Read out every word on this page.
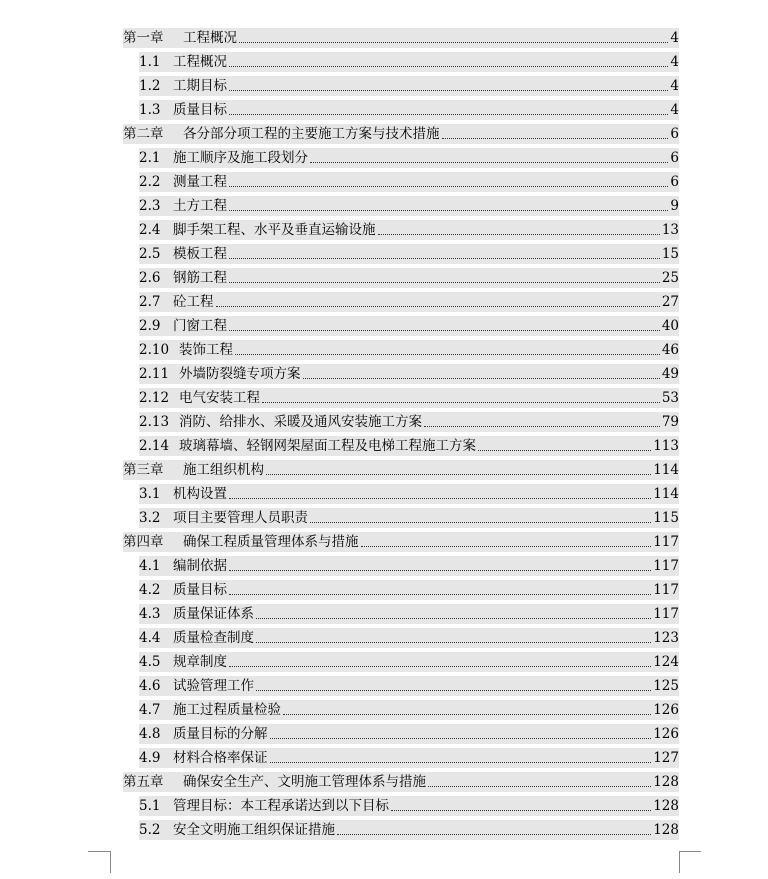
第一章	工程概况	4
1.1 工程概况	4
1.2 工期目标	4
1.3 质量目标	4
第二章	各分部分项工程的主要施工方案与技术措施	6
2.1 施工顺序及施工段划分	6
2.2 测量工程	6
2.3 土方工程	9
2.4 脚手架工程、水平及垂直运输设施	13
2.5 模板工程	15
2.6 钢筋工程	25
2.7 砼工程	27
2.9 门窗工程	40
2.10 装饰工程	46
2.11 外墙防裂缝专项方案	49
2.12 电气安装工程	53
2.13 消防、给排水、采暖及通风安装施工方案	79
2.14 玻璃幕墙、轻钢网架屋面工程及电梯工程施工方案	113
第三章	施工组织机构	114
3.1 机构设置	114
3.2 项目主要管理人员职责	115
第四章	确保工程质量管理体系与措施	117
4.1 编制依据	117
4.2 质量目标	117
4.3 质量保证体系	117
4.4 质量检查制度	123
4.5 规章制度	124
4.6 试验管理工作	125
4.7 施工过程质量检验	126
4.8 质量目标的分解	126
4.9 材料合格率保证	127
第五章	确保安全生产、文明施工管理体系与措施	128
5.1 管理目标：本工程承诺达到以下目标	128
5.2 安全文明施工组织保证措施	128
